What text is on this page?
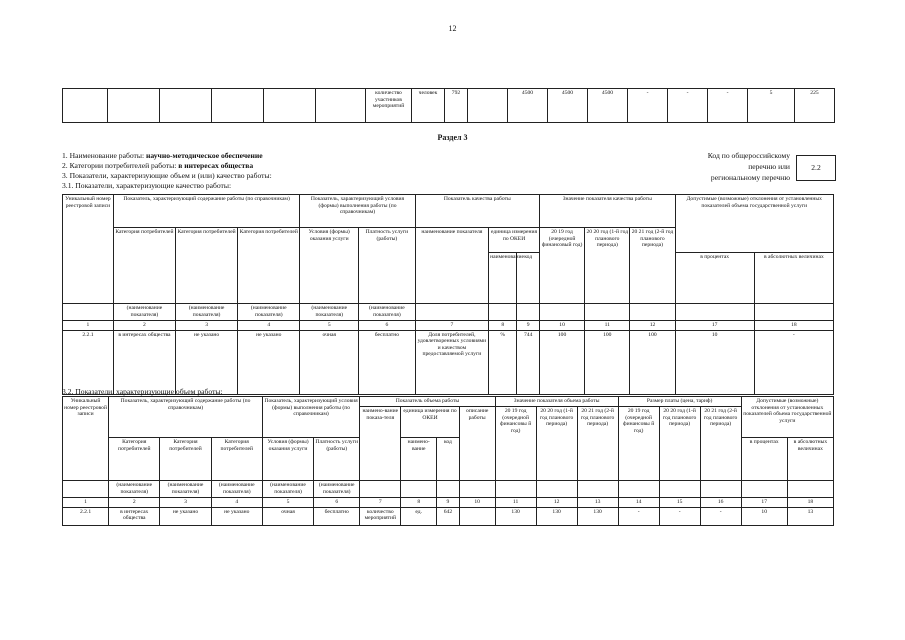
12
						количество участников мероприятий	человек	792		4500	4500	4500	-	-	-	5	225
Раздел 3
1. Наименование работы: научно-методическое обеспечение
2. Категории потребителей работы: в интересах общества
3. Показатели, характеризующие объем и (или) качество работы:
3.1. Показатели, характеризующие качество работы:
Код по общероссийскому
перечню или
региональному перечню
2.2
Уникальный номер реестровой записи	Показатель, характеризующий содержание работы (по справочникам)			Показатель, характеризующий условия (формы) выполнения работы (по справочникам)		Показатель качества работы			Значение показателя качества работы			Допустимые (возможные) отклонения от установленных показателей объема государственной услуги	
	Категория потребителей	Категория потребителей	Категория потребителей	Условия (формы) оказания услуги	Платность услуги (работы)	наименование показателя	единица измерения по ОКЕИ		20 19 год (очередной финансовый год)	20 20 год (1-й год планового периода)	20 21 год (2-й год планового периода)		
							наименование	код				в процентах	в абсолютных величинах

	(наименование показателя)	(наименование показателя)	(наименование показателя)	(наименование показателя)	(наименование показателя)								
1	2	3	4	5	6	7	8	9	10	11	12	17	18
2.2.1	в интересах общества	не указано	не указано	очная	бесплатно	Доля потребителей, удовлетворенных условиями и качеством предоставляемой услуги	%	744	100	100	100	10	-
3.2. Показатели, характеризующие объем работы:
Уникальный номер реестровой записи	Показатель, характеризующий содержание работы (по справочникам)			Показатель, характеризующий условия (формы) выполнения работы (по справочникам)		Показатель объема работы				Значение показателя объема работы			Размер платы (цена, тариф)			Допустимые (возможные) отклонения от установленных показателей объема государственной услуги	
						наимено-вание показа-теля	единица измерения по ОКЕИ		описание работы	20 19 год (очередной финансовы й год)	20 20 год (1-й год планового периода)	20 21 год (2-й год планового периода)	20 19 год (очередной финансовы й год)	20 20 год (1-й год планового периода)	20 21 год (2-й год планового периода)		
	Категория потребителей	Категория потребителей	Категория потребителей	Условия (формы) оказания услуги	Платность услуги (работы)		наимено-вание	код								в процентах	в абсолютных величинах

	(наименование показателя)	(наименование показателя)	(наименование показателя)	(наименование показателя)	(наименование показателя)												
1	2	3	4	5	6	7	8	9	10	11	12	13	14	15	16	17	18
2.2.1	в интересах общества	не указано	не указано	очная	бесплатно	количество мероприятий	ед.	642		130	130	130	-	-	-	10	13
